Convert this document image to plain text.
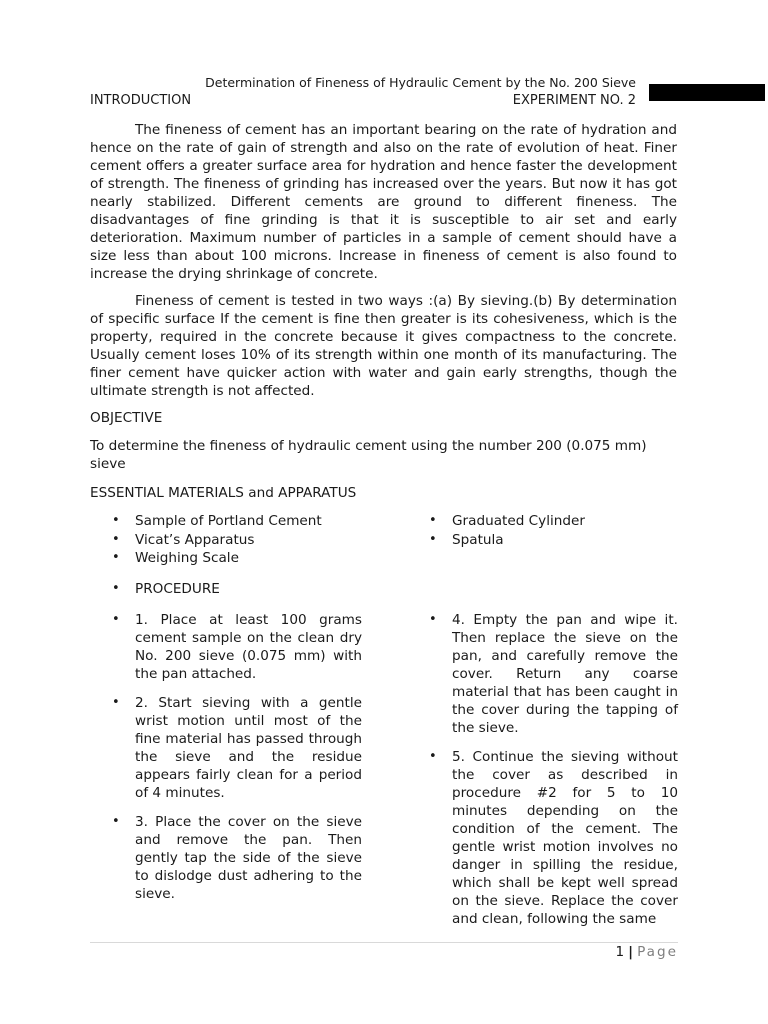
Determination of Fineness of Hydraulic Cement by the No. 200 Sieve
INTRODUCTION	EXPERIMENT NO. 2

The fineness of cement has an important bearing on the rate of hydration and hence on the rate of gain of strength and also on the rate of evolution of heat. Finer cement offers a greater surface area for hydration and hence faster the development of strength. The fineness of grinding has increased over the years. But now it has got nearly stabilized. Different cements are ground to different fineness. The disadvantages of fine grinding is that it is susceptible to air set and early deterioration. Maximum number of particles in a sample of cement should have a size less than about 100 microns. Increase in fineness of cement is also found to increase the drying shrinkage of concrete.

Fineness of cement is tested in two ways :(a) By sieving.(b) By determination of specific surface If the cement is fine then greater is its cohesiveness, which is the property, required in the concrete because it gives compactness to the concrete. Usually cement loses 10% of its strength within one month of its manufacturing. The finer cement have quicker action with water and gain early strengths, though the ultimate strength is not affected.

OBJECTIVE

To determine the fineness of hydraulic cement using the number 200 (0.075 mm) sieve

ESSENTIAL MATERIALS and APPARATUS
• Sample of Portland Cement
• Vicat’s Apparatus
• Weighing Scale
• Graduated Cylinder
• Spatula
• PROCEDURE
• 1. Place at least 100 grams cement sample on the clean dry No. 200 sieve (0.075 mm) with the pan attached.
• 2. Start sieving with a gentle wrist motion until most of the fine material has passed through the sieve and the residue appears fairly clean for a period of 4 minutes.
• 3. Place the cover on the sieve and remove the pan. Then gently tap the side of the sieve to dislodge dust adhering to the sieve.
• 4. Empty the pan and wipe it. Then replace the sieve on the pan, and carefully remove the cover. Return any coarse material that has been caught in the cover during the tapping of the sieve.
• 5. Continue the sieving without the cover as described in procedure #2 for 5 to 10 minutes depending on the condition of the cement. The gentle wrist motion involves no danger in spilling the residue, which shall be kept well spread on the sieve. Replace the cover and clean, following the same
1 | Page
